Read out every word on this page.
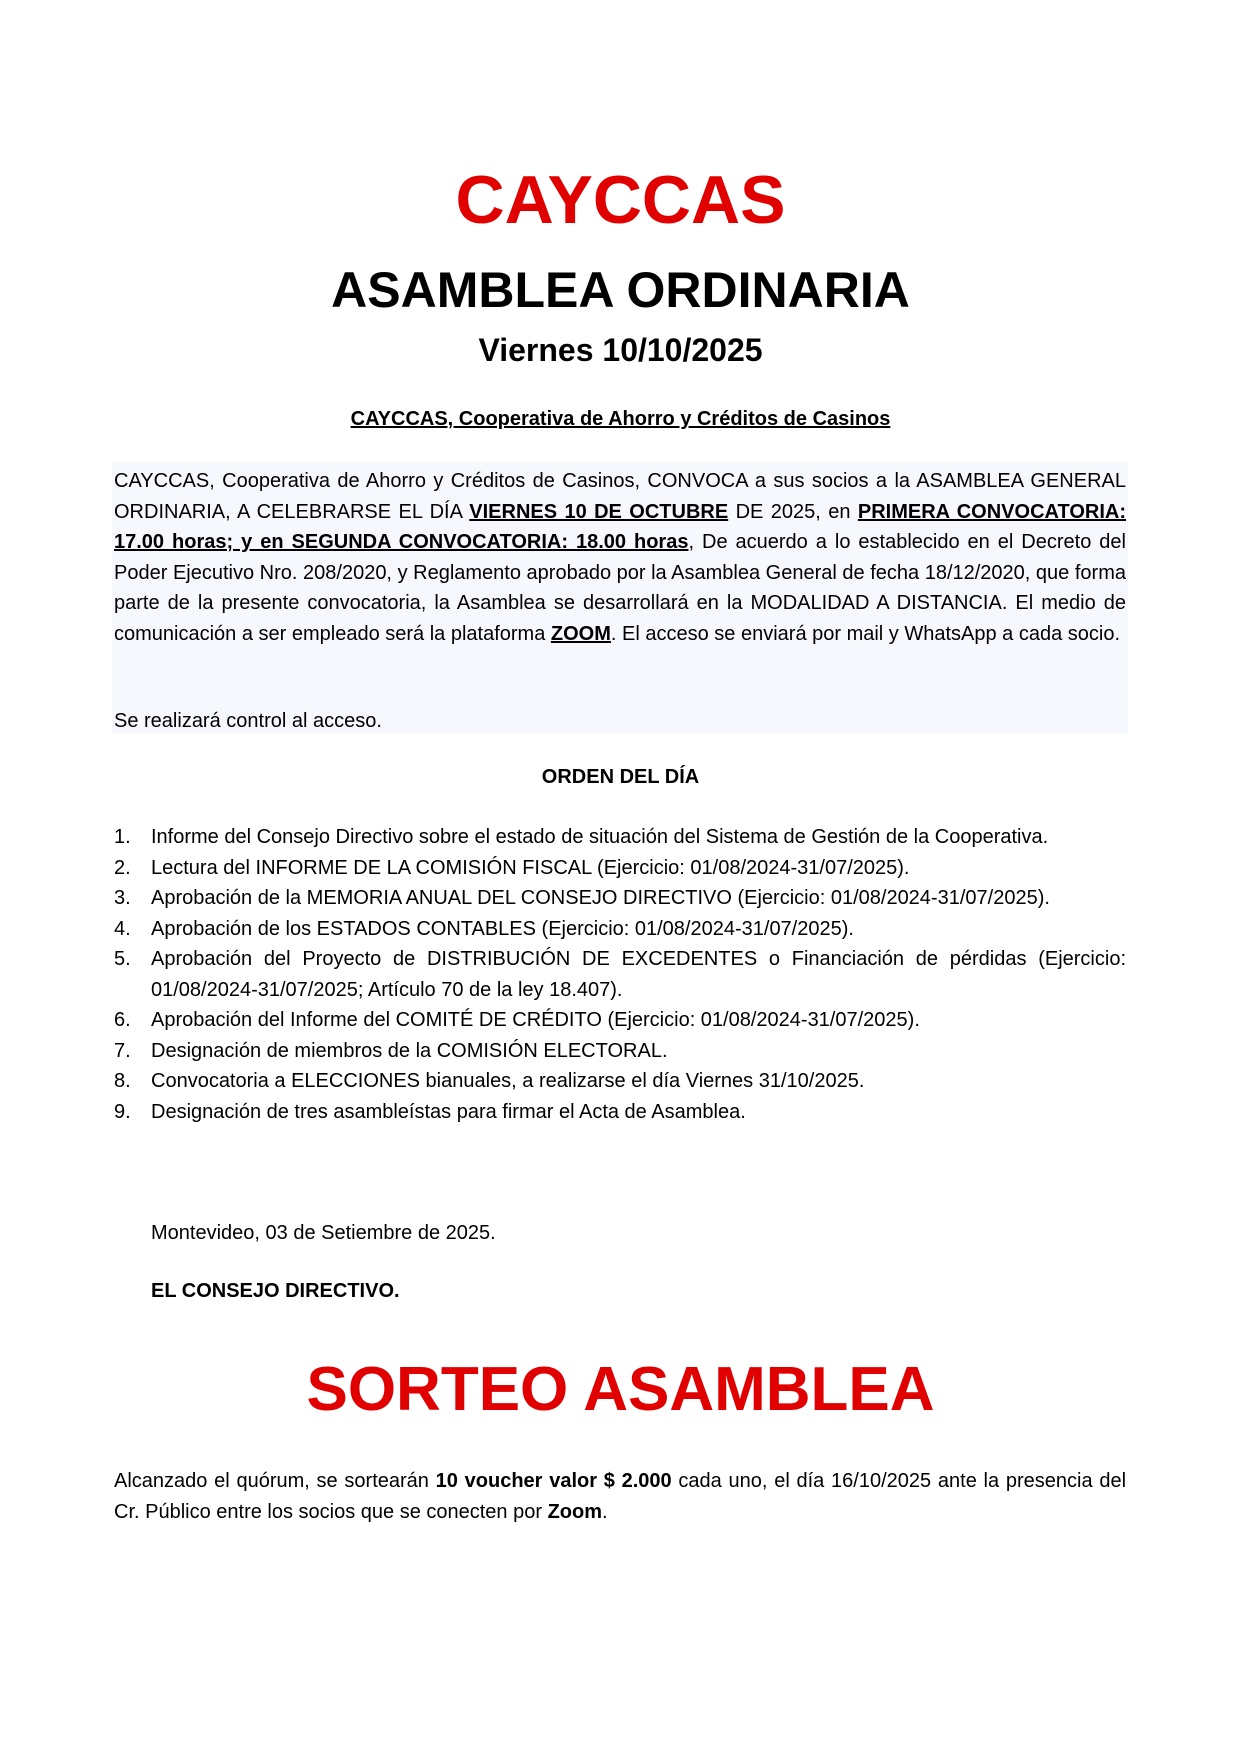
CAYCCAS
ASAMBLEA ORDINARIA
Viernes 10/10/2025
CAYCCAS, Cooperativa de Ahorro y Créditos de Casinos
CAYCCAS, Cooperativa de Ahorro y Créditos de Casinos, CONVOCA a sus socios a la ASAMBLEA GENERAL ORDINARIA, A CELEBRARSE EL DÍA VIERNES 10 DE OCTUBRE DE 2025, en PRIMERA CONVOCATORIA: 17.00 horas; y en SEGUNDA CONVOCATORIA: 18.00 horas, De acuerdo a lo establecido en el Decreto del Poder Ejecutivo Nro. 208/2020, y Reglamento aprobado por la Asamblea General de fecha 18/12/2020, que forma parte de la presente convocatoria, la Asamblea se desarrollará en la MODALIDAD A DISTANCIA. El medio de comunicación a ser empleado será la plataforma ZOOM. El acceso se enviará por mail y WhatsApp a cada socio.
Se realizará control al acceso.
ORDEN DEL DÍA
1. Informe del Consejo Directivo sobre el estado de situación del Sistema de Gestión de la Cooperativa.
2. Lectura del INFORME DE LA COMISIÓN FISCAL (Ejercicio: 01/08/2024-31/07/2025).
3. Aprobación de la MEMORIA ANUAL DEL CONSEJO DIRECTIVO (Ejercicio: 01/08/2024-31/07/2025).
4. Aprobación de los ESTADOS CONTABLES (Ejercicio: 01/08/2024-31/07/2025).
5. Aprobación del Proyecto de DISTRIBUCIÓN DE EXCEDENTES o Financiación de pérdidas (Ejercicio: 01/08/2024-31/07/2025; Artículo 70 de la ley 18.407).
6. Aprobación del Informe del COMITÉ DE CRÉDITO (Ejercicio: 01/08/2024-31/07/2025).
7. Designación de miembros de la COMISIÓN ELECTORAL.
8. Convocatoria a ELECCIONES bianuales, a realizarse el día Viernes 31/10/2025.
9. Designación de tres asambleístas para firmar el Acta de Asamblea.
Montevideo, 03 de Setiembre de 2025.
EL CONSEJO DIRECTIVO.
SORTEO ASAMBLEA
Alcanzado el quórum, se sortearán 10 voucher valor $ 2.000 cada uno, el día 16/10/2025 ante la presencia del Cr. Público entre los socios que se conecten por Zoom.
